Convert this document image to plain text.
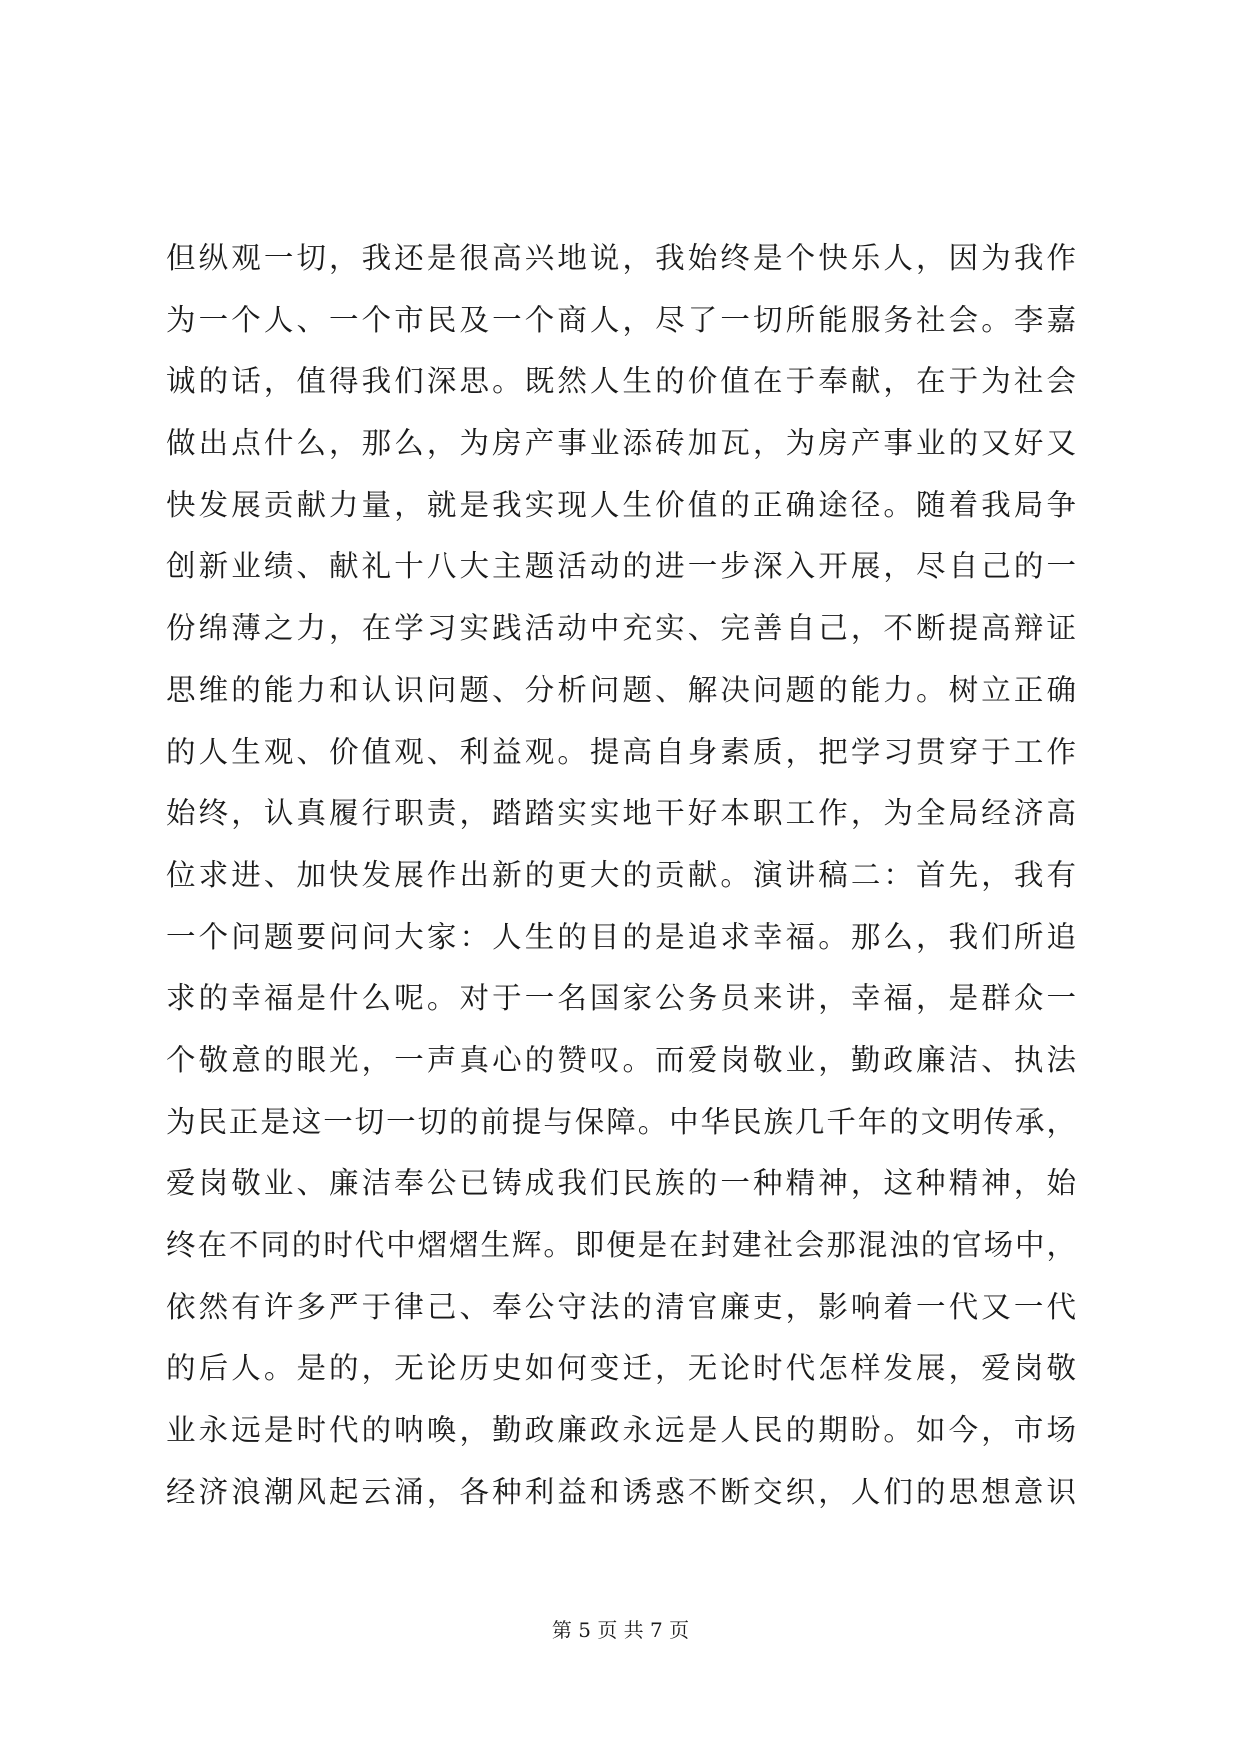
但纵观一切，我还是很高兴地说，我始终是个快乐人，因为我作
为一个人、一个市民及一个商人，尽了一切所能服务社会。李嘉
诚的话，值得我们深思。既然人生的价值在于奉献，在于为社会
做出点什么，那么，为房产事业添砖加瓦，为房产事业的又好又
快发展贡献力量，就是我实现人生价值的正确途径。随着我局争
创新业绩、献礼十八大主题活动的进一步深入开展，尽自己的一
份绵薄之力，在学习实践活动中充实、完善自己，不断提高辩证
思维的能力和认识问题、分析问题、解决问题的能力。树立正确
的人生观、价值观、利益观。提高自身素质，把学习贯穿于工作
始终，认真履行职责，踏踏实实地干好本职工作，为全局经济高
位求进、加快发展作出新的更大的贡献。演讲稿二：首先，我有
一个问题要问问大家：人生的目的是追求幸福。那么，我们所追
求的幸福是什么呢。对于一名国家公务员来讲，幸福，是群众一
个敬意的眼光，一声真心的赞叹。而爱岗敬业，勤政廉洁、执法
为民正是这一切一切的前提与保障。中华民族几千年的文明传承，
爱岗敬业、廉洁奉公已铸成我们民族的一种精神，这种精神，始
终在不同的时代中熠熠生辉。即便是在封建社会那混浊的官场中，
依然有许多严于律己、奉公守法的清官廉吏，影响着一代又一代
的后人。是的，无论历史如何变迁，无论时代怎样发展，爱岗敬
业永远是时代的呐喚，勤政廉政永远是人民的期盼。如今，市场
经济浪潮风起云涌，各种利益和诱惑不断交织，人们的思想意识
第 5 页 共 7 页
